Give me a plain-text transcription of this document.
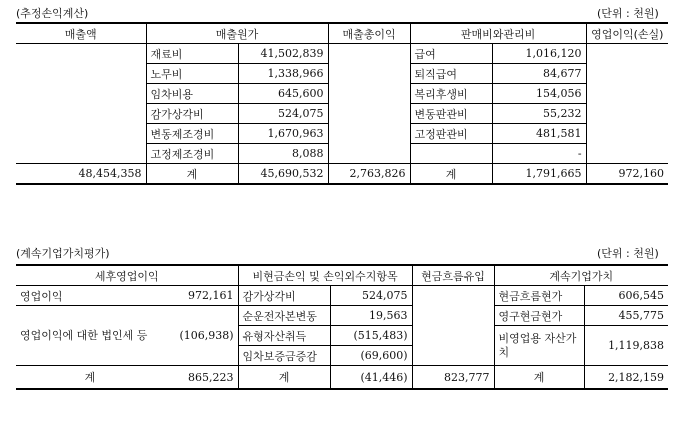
(추정손익계산)	(단위 : 천원)
매출액	매출원가		매출총이익	판매비와관리비		영업이익(손실)
	재료비	41,502,839		급여	1,016,120	
	노무비	1,338,966		퇴직급여	84,677	
	임차비용	645,600		복리후생비	154,056	
	감가상각비	524,075		변동판관비	55,232	
	변동제조경비	1,670,963		고정판관비	481,581	
	고정제조경비	8,088			-	
48,454,358	계	45,690,532	2,763,826	계	1,791,665	972,160
(계속기업가치평가)	(단위 : 천원)
세후영업이익		비현금손익 및 손익외수지항목		현금흐름유입	계속기업가치	
영업이익	972,161	감가상각비	524,075		현금흐름현가	606,545
영업이익에 대한 법인세 등	(106,938)	순운전자본변동	19,563		영구현금현가	455,775
		유형자산취득	(515,483)		비영업용 자산가치	1,119,838
		임차보증금증감	(69,600)			
계	865,223	계	(41,446)	823,777	계	2,182,159
